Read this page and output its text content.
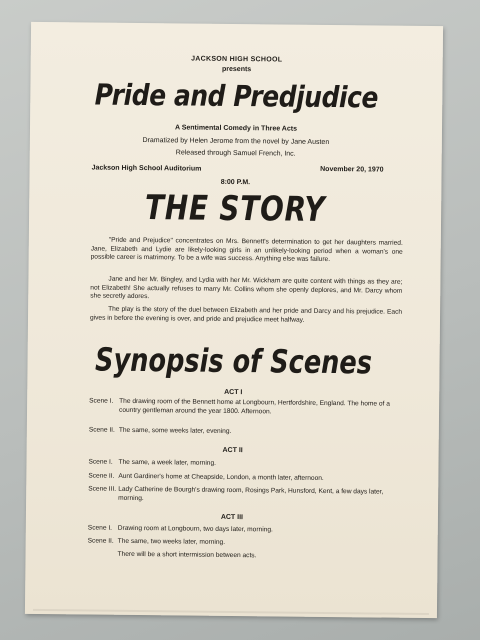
JACKSON HIGH SCHOOL
presents
Pride and Predjudice
A Sentimental Comedy in Three Acts
Dramatized by Helen Jerome from the novel by Jane Austen
Released through Samuel French, Inc.
Jackson High School Auditorium	November 20, 1970
8:00 P.M.
THE STORY

"Pride and Prejudice" concentrates on Mrs. Bennett's determination to get her daughters married. Jane, Elizabeth and Lydie are likely-looking girls in an unlikely-looking period when a woman's one possible career is matrimony. To be a wife was success. Anything else was failure.

Jane and her Mr. Bingley, and Lydia with her Mr. Wickham are quite content with things as they are; not Elizabeth! She actually refuses to marry Mr. Collins whom she openly deplores, and Mr. Darcy whom she secretly adores.

The play is the story of the duel between Elizabeth and her pride and Darcy and his prejudice. Each gives in before the evening is over, and pride and prejudice meet halfway.

Synopsis of Scenes
ACT I
Scene I. The drawing room of the Bennett home at Longbourn, Hertfordshire, England. The home of a country gentleman around the year 1800. Afternoon.
Scene II. The same, some weeks later, evening.
ACT II
Scene I. The same, a week later, morning.
Scene II. Aunt Gardiner's home at Cheapside, London, a month later, afternoon.
Scene III. Lady Catherine de Bourgh's drawing room, Rosings Park, Hunsford, Kent, a few days later, morning.
ACT III
Scene I. Drawing room at Longbourn, two days later, morning.
Scene II. The same, two weeks later, morning.
There will be a short intermission between acts.
